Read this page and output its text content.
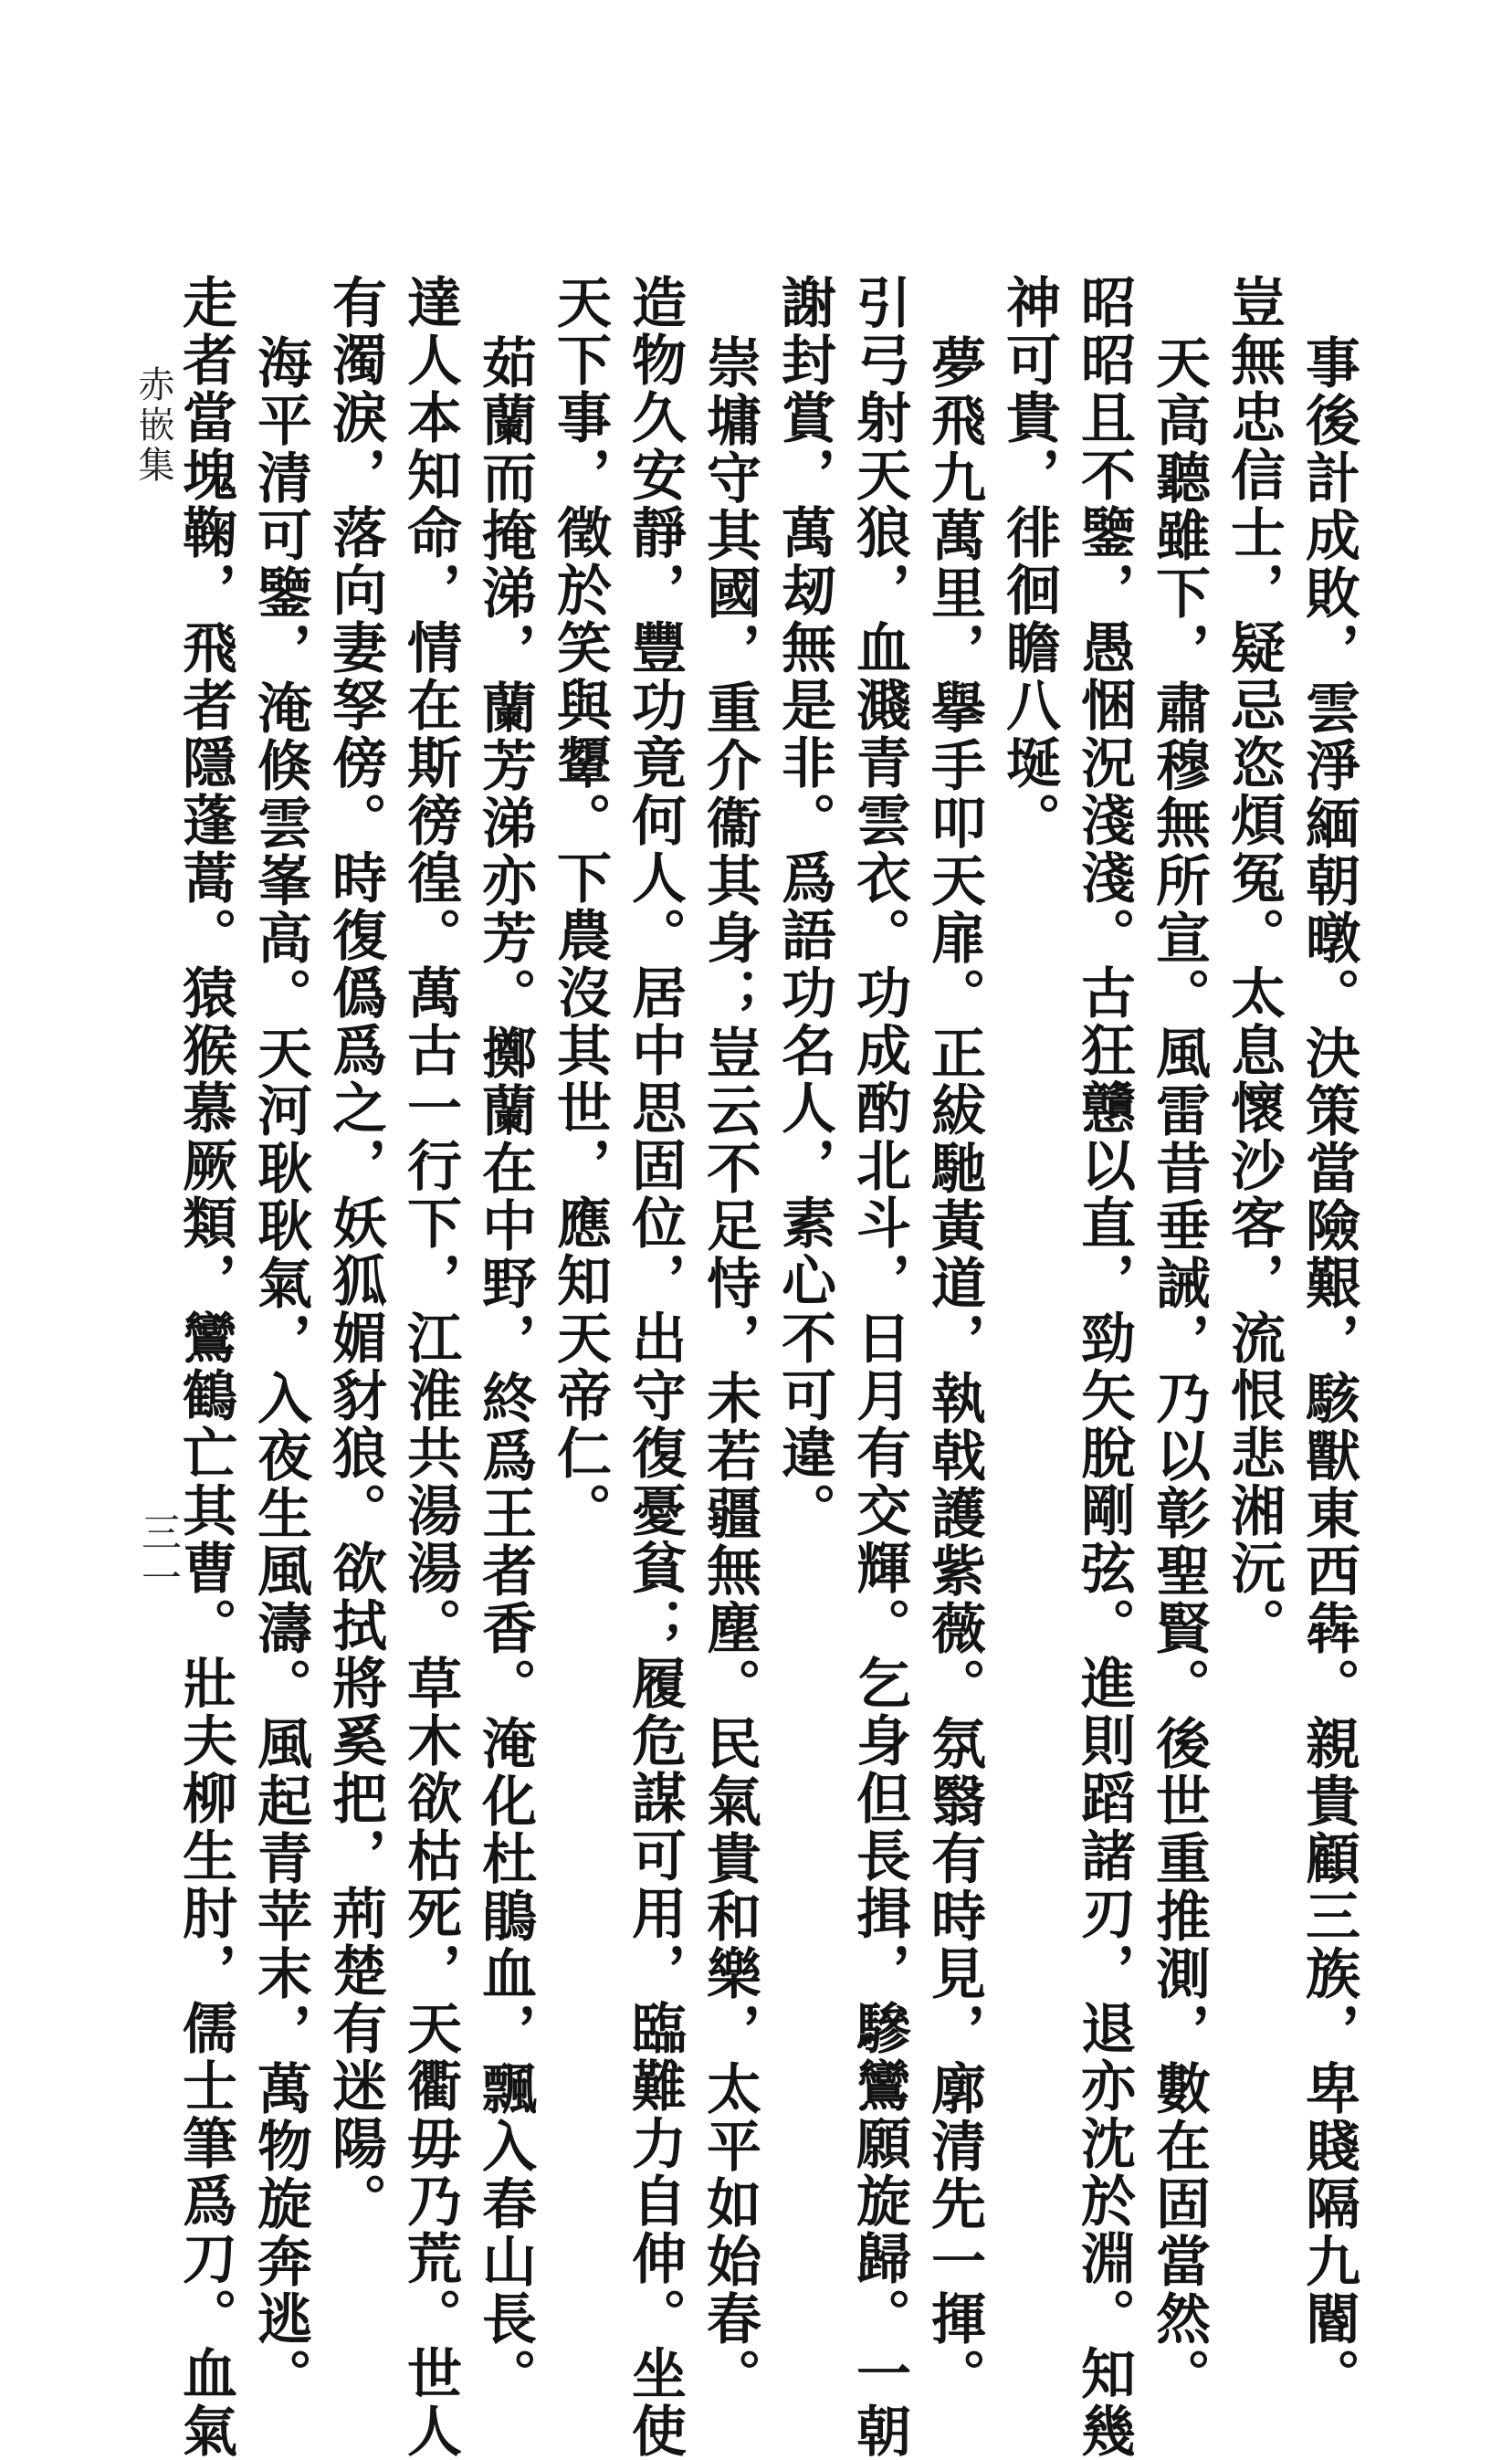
事後計成敗，雲淨緬朝暾。決策當險艱，駭獸東西犇。親貴顧三族，卑賤隔九閽。
豈無忠信士，疑忌恣煩冤。太息懷沙客，流恨悲湘沅。
天高聽雖下，肅穆無所宣。風雷昔垂誡，乃以彰聖賢。後世重推測，數在固當然。
昭昭且不鑒，愚悃況淺淺。古狂戇以直，勁矢脫剛弦。進則蹈諸刃，退亦沈於淵。知幾
神可貴，徘徊瞻八埏。
夢飛九萬里，擧手叩天扉。正紱馳黃道，執戟護紫薇。氛翳有時見，廓清先一揮。
引弓射天狼，血濺青雲衣。功成酌北斗，日月有交輝。乞身但長揖，驂鸞願旋歸。一朝
謝封賞，萬刼無是非。爲語功名人，素心不可違。
崇墉守其國，重介衞其身；豈云不足恃，未若疆無塵。民氣貴和樂，太平如始春。
造物久安靜，豐功竟何人。居中思固位，出守復憂貧；履危謀可用，臨難力自伸。坐使
天下事，徵於笑與顰。下農沒其世，應知天帝仁。
茹蘭而掩涕，蘭芳涕亦芳。擲蘭在中野，終爲王者香。淹化杜鵑血，飄入春山長。
達人本知命，情在斯徬徨。萬古一行下，江淮共湯湯。草木欲枯死，天衢毋乃荒。世人
有濁淚，落向妻孥傍。時復僞爲之，妖狐媚豺狼。欲拭將奚把，荊楚有迷陽。
海平清可鑒，淹倏雲峯高。天河耿耿氣，入夜生風濤。風起青苹末，萬物旋奔逃。
走者當塊鞠，飛者隱蓬蒿。猿猴慕厥類，鸞鶴亡其曹。壯夫柳生肘，儒士筆爲刀。血氣
赤嵌集
三一
